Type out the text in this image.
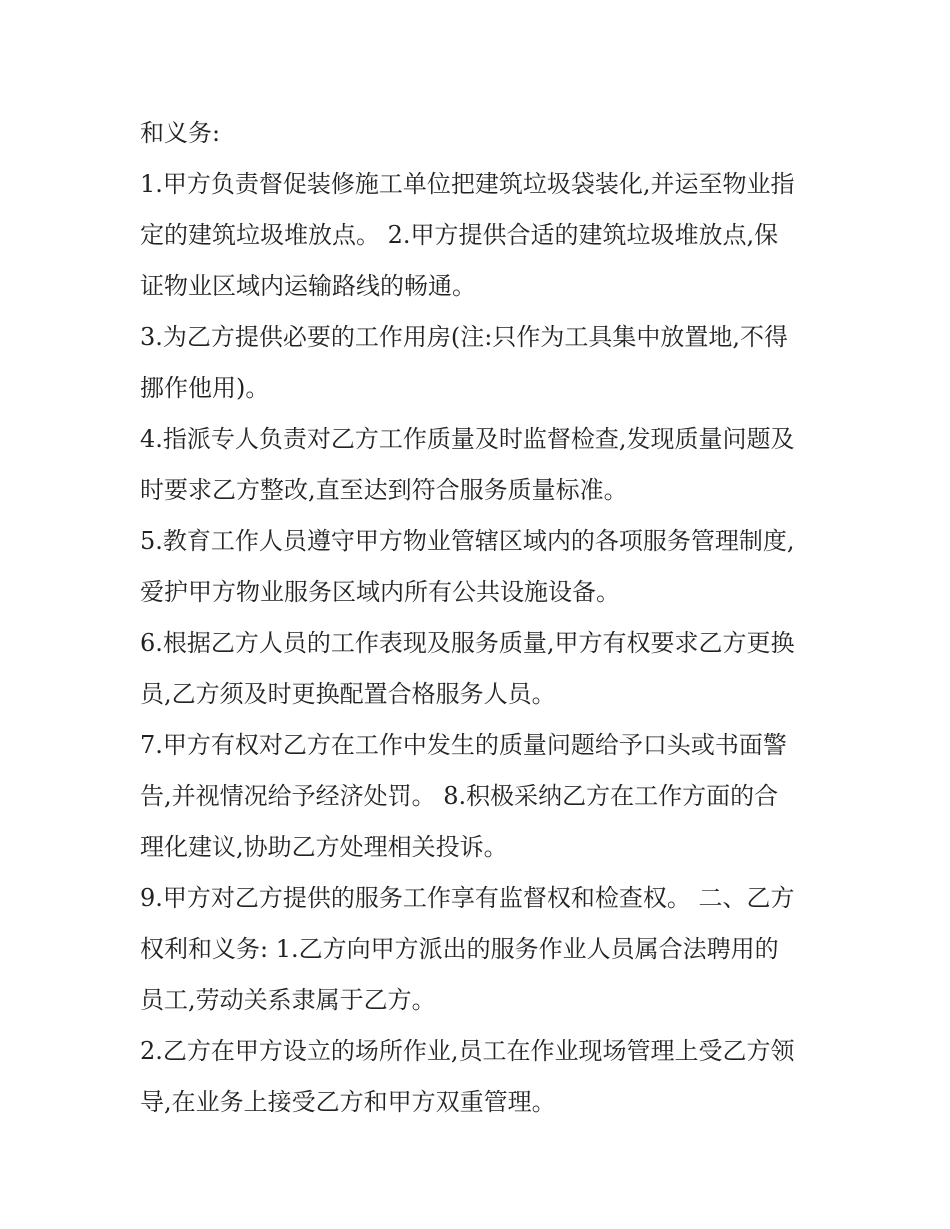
和义务:
1.甲方负责督促装修施工单位把建筑垃圾袋装化,并运至物业指
定的建筑垃圾堆放点。 2.甲方提供合适的建筑垃圾堆放点,保
证物业区域内运输路线的畅通。
3.为乙方提供必要的工作用房(注:只作为工具集中放置地,不得
挪作他用)。
4.指派专人负责对乙方工作质量及时监督检查,发现质量问题及
时要求乙方整改,直至达到符合服务质量标准。
5.教育工作人员遵守甲方物业管辖区域内的各项服务管理制度,
爱护甲方物业服务区域内所有公共设施设备。
6.根据乙方人员的工作表现及服务质量,甲方有权要求乙方更换
员,乙方须及时更换配置合格服务人员。
7.甲方有权对乙方在工作中发生的质量问题给予口头或书面警
告,并视情况给予经济处罚。 8.积极采纳乙方在工作方面的合
理化建议,协助乙方处理相关投诉。
9.甲方对乙方提供的服务工作享有监督权和检查权。 二、乙方
权利和义务: 1.乙方向甲方派出的服务作业人员属合法聘用的
员工,劳动关系隶属于乙方。
2.乙方在甲方设立的场所作业,员工在作业现场管理上受乙方领
导,在业务上接受乙方和甲方双重管理。
